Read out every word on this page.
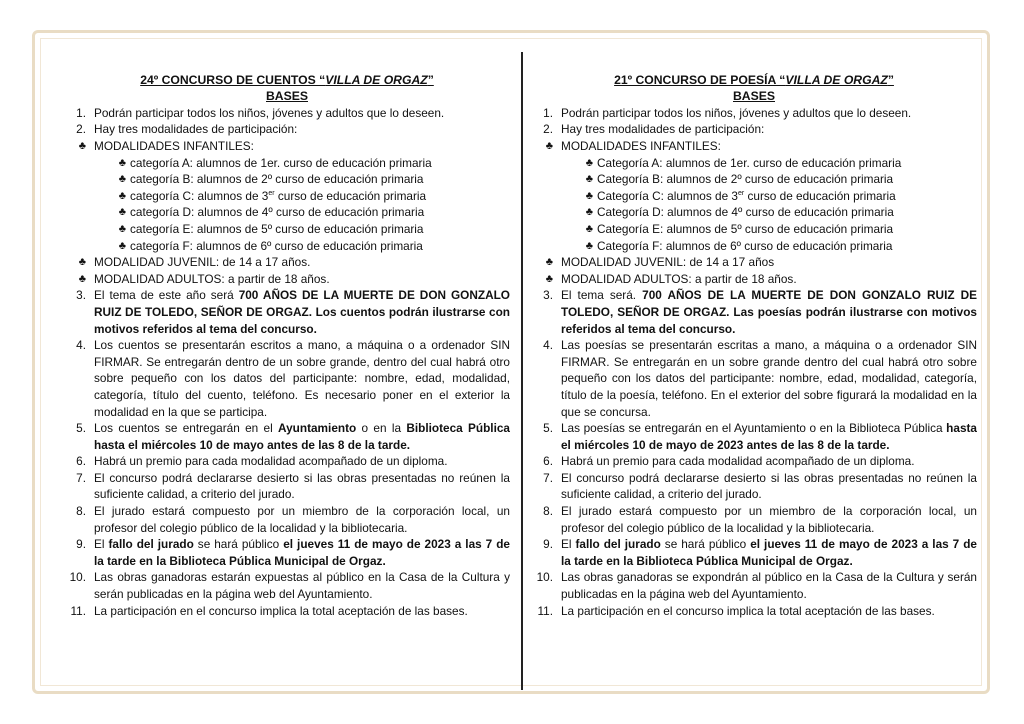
24º CONCURSO DE CUENTOS “VILLA DE ORGAZ”
BASES
1. Podrán participar todos los niños, jóvenes y adultos que lo deseen.
2. Hay tres modalidades de participación:
♣ MODALIDADES INFANTILES:
♣ categoría A: alumnos de 1er. curso de educación primaria
♣ categoría B: alumnos de 2º curso de educación primaria
♣ categoría C: alumnos de 3er curso de educación primaria
♣ categoría D: alumnos de 4º curso de educación primaria
♣ categoría E: alumnos de 5º curso de educación primaria
♣ categoría F: alumnos de 6º curso de educación primaria
♣ MODALIDAD JUVENIL: de 14 a 17 años.
♣ MODALIDAD ADULTOS: a partir de 18 años.
3. El tema de este año será 700 AÑOS DE LA MUERTE DE DON GONZALO RUIZ DE TOLEDO, SEÑOR DE ORGAZ. Los cuentos podrán ilustrarse con motivos referidos al tema del concurso.
4. Los cuentos se presentarán escritos a mano, a máquina o a ordenador SIN FIRMAR. Se entregarán dentro de un sobre grande, dentro del cual habrá otro sobre pequeño con los datos del participante: nombre, edad, modalidad, categoría, título del cuento, teléfono. Es necesario poner en el exterior la modalidad en la que se participa.
5. Los cuentos se entregarán en el Ayuntamiento o en la Biblioteca Pública hasta el miércoles 10 de mayo antes de las 8 de la tarde.
6. Habrá un premio para cada modalidad acompañado de un diploma.
7. El concurso podrá declararse desierto si las obras presentadas no reúnen la suficiente calidad, a criterio del jurado.
8. El jurado estará compuesto por un miembro de la corporación local, un profesor del colegio público de la localidad y la bibliotecaria.
9. El fallo del jurado se hará público el jueves 11 de mayo de 2023 a las 7 de la tarde en la Biblioteca Pública Municipal de Orgaz.
10. Las obras ganadoras estarán expuestas al público en la Casa de la Cultura y serán publicadas en la página web del Ayuntamiento.
11. La participación en el concurso implica la total aceptación de las bases.
21º CONCURSO DE POESÍA “VILLA DE ORGAZ”
BASES
1. Podrán participar todos los niños, jóvenes y adultos que lo deseen.
2. Hay tres modalidades de participación:
♣ MODALIDADES INFANTILES:
♣ Categoría A: alumnos de 1er. curso de educación primaria
♣ Categoría B: alumnos de 2º curso de educación primaria
♣ Categoría C: alumnos de 3er curso de educación primaria
♣ Categoría D: alumnos de 4º curso de educación primaria
♣ Categoría E: alumnos de 5º curso de educación primaria
♣ Categoría F: alumnos de 6º curso de educación primaria
♣ MODALIDAD JUVENIL: de 14 a 17 años
♣ MODALIDAD ADULTOS: a partir de 18 años.
3. El tema será. 700 AÑOS DE LA MUERTE DE DON GONZALO RUIZ DE TOLEDO, SEÑOR DE ORGAZ. Las poesías podrán ilustrarse con motivos referidos al tema del concurso.
4. Las poesías se presentarán escritas a mano, a máquina o a ordenador SIN FIRMAR. Se entregarán en un sobre grande dentro del cual habrá otro sobre pequeño con los datos del participante: nombre, edad, modalidad, categoría, título de la poesía, teléfono. En el exterior del sobre figurará la modalidad en la que se concursa.
5. Las poesías se entregarán en el Ayuntamiento o en la Biblioteca Pública hasta el miércoles 10 de mayo de 2023 antes de las 8 de la tarde.
6. Habrá un premio para cada modalidad acompañado de un diploma.
7. El concurso podrá declararse desierto si las obras presentadas no reúnen la suficiente calidad, a criterio del jurado.
8. El jurado estará compuesto por un miembro de la corporación local, un profesor del colegio público de la localidad y la bibliotecaria.
9. El fallo del jurado se hará público el jueves 11 de mayo de 2023 a las 7 de la tarde en la Biblioteca Pública Municipal de Orgaz.
10. Las obras ganadoras se expondrán al público en la Casa de la Cultura y serán publicadas en la página web del Ayuntamiento.
11. La participación en el concurso implica la total aceptación de las bases.
